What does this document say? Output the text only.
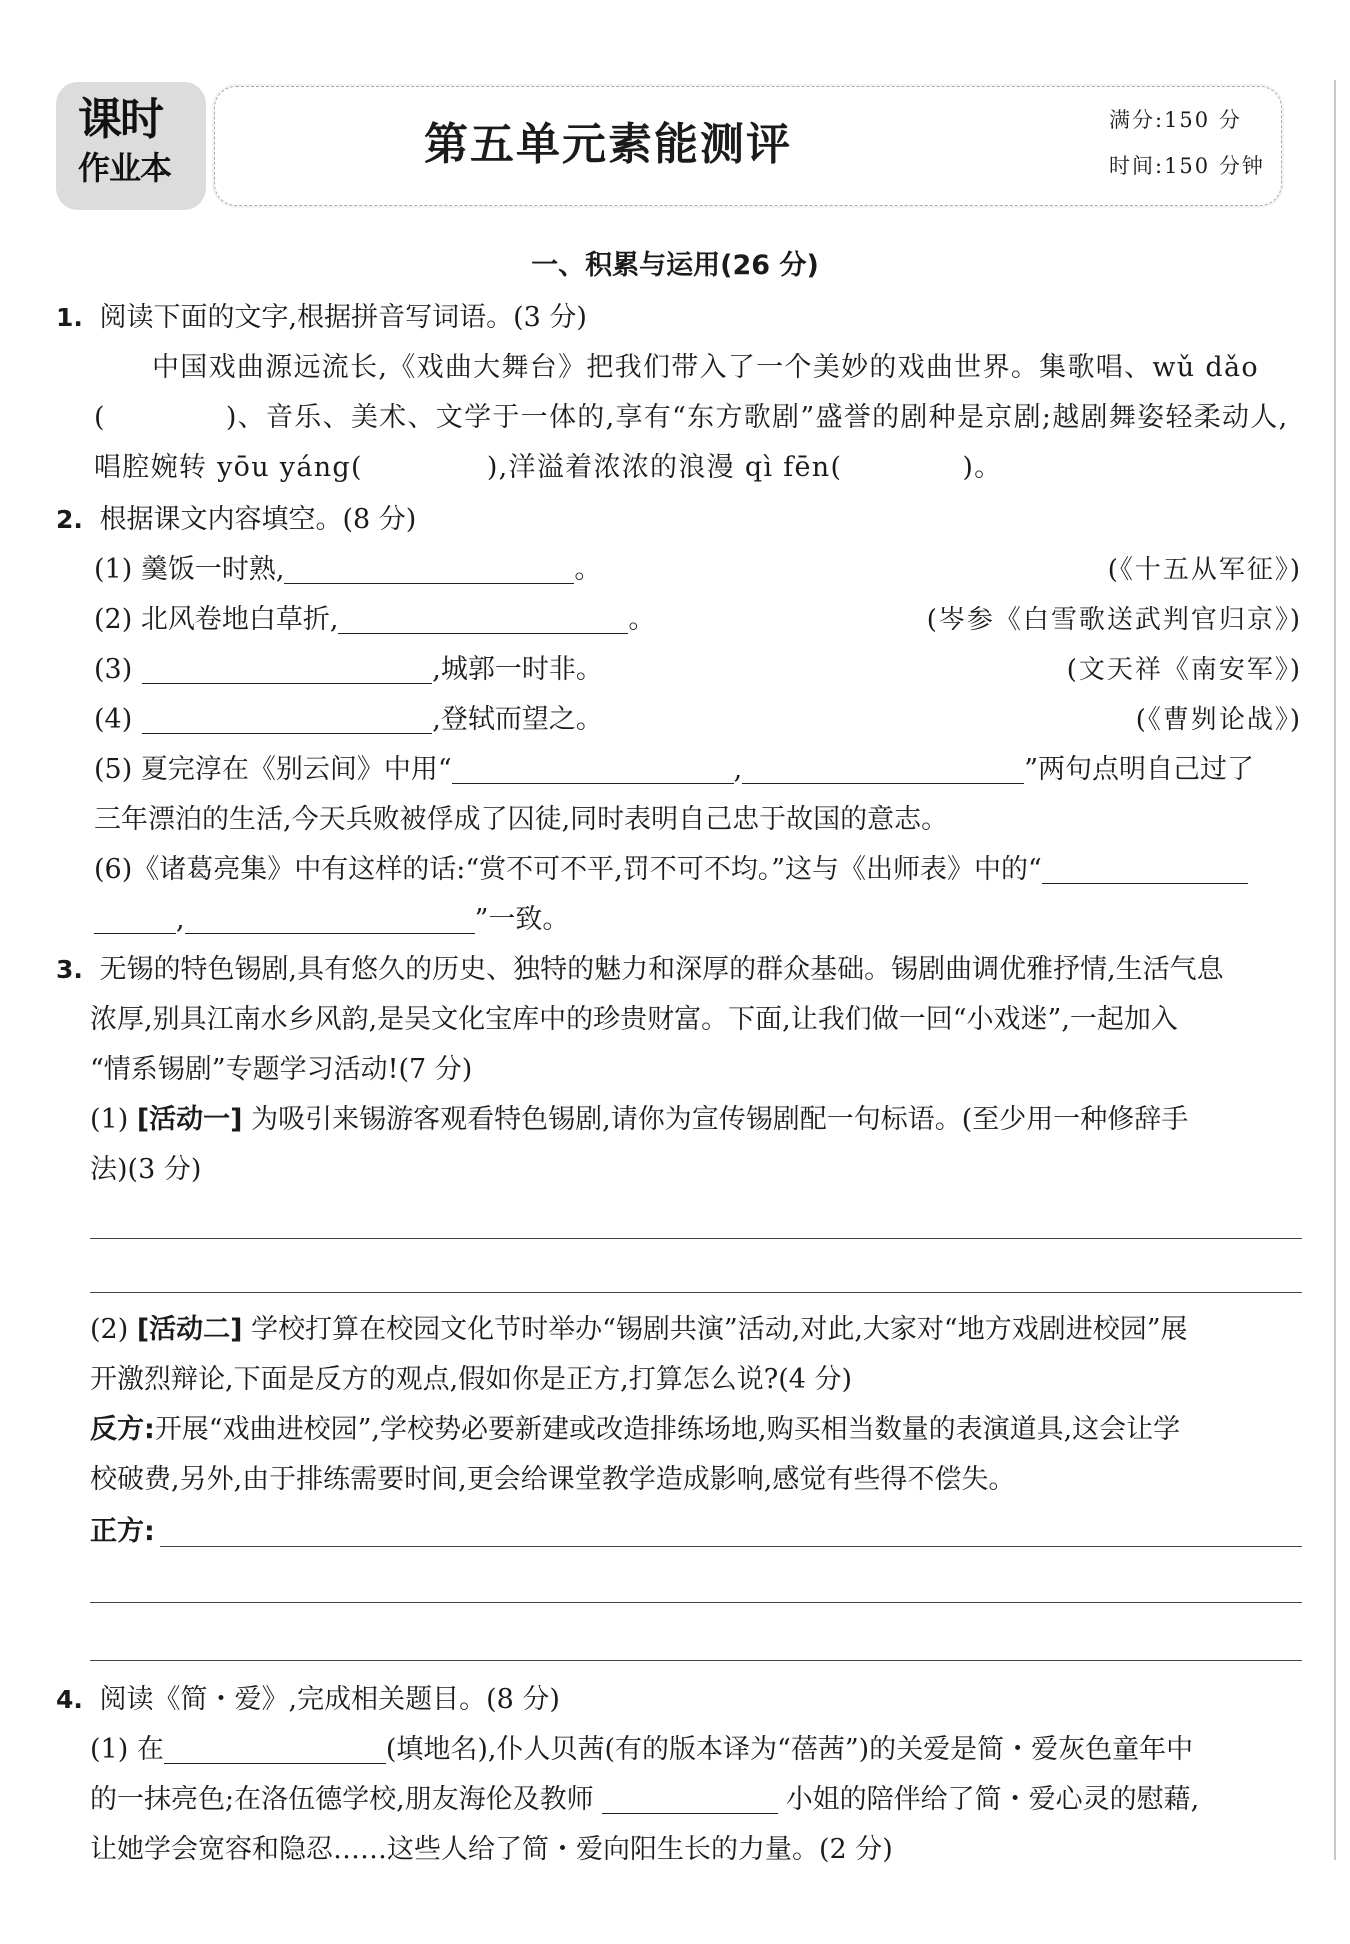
课时
作业本	第五单元素能测评	满分:150 分
时间:150 分钟
一、积累与运用(26 分)
1. 阅读下面的文字,根据拼音写词语。(3 分)
中国戏曲源远流长,《戏曲大舞台》把我们带入了一个美妙的戏曲世界。集歌唱、wǔ dǎo
(	)、音乐、美术、文学于一体的,享有“东方歌剧”盛誉的剧种是京剧;越剧舞姿轻柔动人,
唱腔婉转 yōu yáng(	),洋溢着浓浓的浪漫 qì fēn(	)。
2. 根据课文内容填空。(8 分)
(1) 羹饭一时熟,	。	(《十五从军征》)
(2) 北风卷地白草折,	。	(岑参《白雪歌送武判官归京》)
(3)	,城郭一时非。	(文天祥《南安军》)
(4)	,登轼而望之。	(《曹刿论战》)
(5) 夏完淳在《别云间》中用“	,	”两句点明自己过了
三年漂泊的生活,今天兵败被俘成了囚徒,同时表明自己忠于故国的意志。
(6)《诸葛亮集》中有这样的话:“赏不可不平,罚不可不均。”这与《出师表》中的“
,	”一致。
3. 无锡的特色锡剧,具有悠久的历史、独特的魅力和深厚的群众基础。锡剧曲调优雅抒情,生活气息
浓厚,别具江南水乡风韵,是吴文化宝库中的珍贵财富。下面,让我们做一回“小戏迷”,一起加入
“情系锡剧”专题学习活动!(7 分)
(1) [活动一] 为吸引来锡游客观看特色锡剧,请你为宣传锡剧配一句标语。(至少用一种修辞手
法)(3 分)
(2) [活动二] 学校打算在校园文化节时举办“锡剧共演”活动,对此,大家对“地方戏剧进校园”展
开激烈辩论,下面是反方的观点,假如你是正方,打算怎么说?(4 分)
反方:开展“戏曲进校园”,学校势必要新建或改造排练场地,购买相当数量的表演道具,这会让学
校破费,另外,由于排练需要时间,更会给课堂教学造成影响,感觉有些得不偿失。
正方:
4. 阅读《简・爱》,完成相关题目。(8 分)
(1) 在	(填地名),仆人贝茜(有的版本译为“蓓茜”)的关爱是简・爱灰色童年中
的一抹亮色;在洛伍德学校,朋友海伦及教师	小姐的陪伴给了简・爱心灵的慰藉,
让她学会宽容和隐忍……这些人给了简・爱向阳生长的力量。(2 分)
